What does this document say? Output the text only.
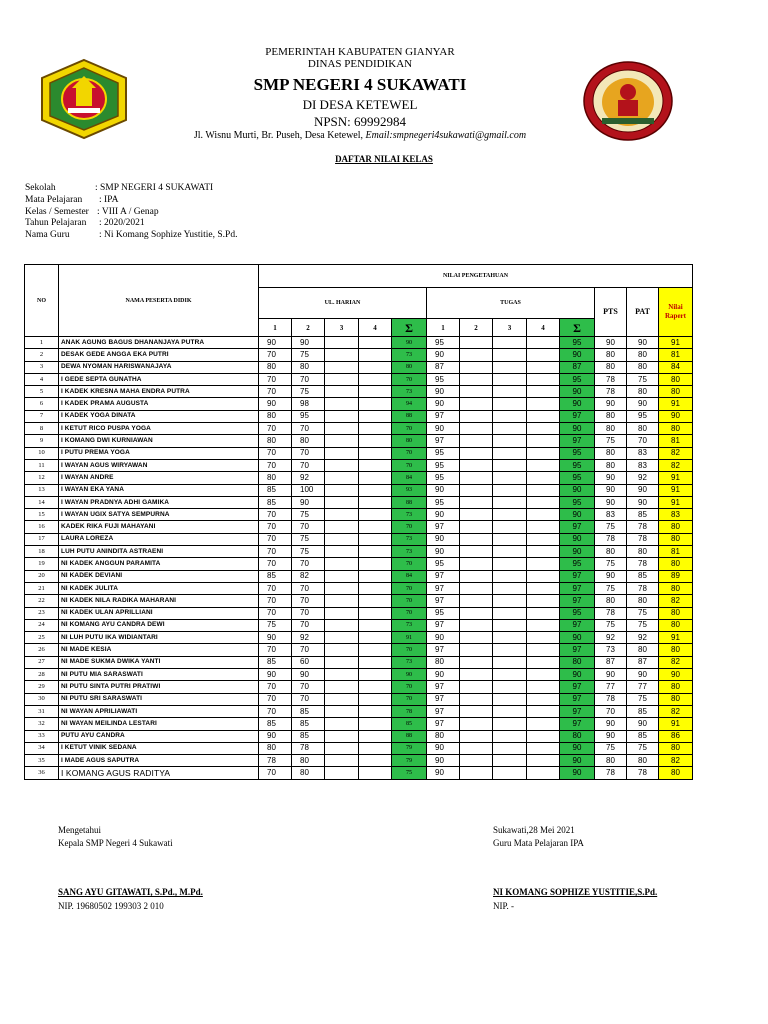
PEMERINTAH KABUPATEN GIANYAR
DINAS PENDIDIKAN
SMP NEGERI 4 SUKAWATI
DI DESA KETEWEL
NPSN: 69992984
Jl. Wisnu Murti, Br. Puseh, Desa Ketewel, Email:smpnegeri4sukawati@gmail.com
DAFTAR NILAI KELAS
Sekolah	: SMP NEGERI 4 SUKAWATI
Mata Pelajaran : IPA
Kelas / Semester : VIII A / Genap
Tahun Pelajaran : 2020/2021
Nama Guru	: Ni Komang Sophize Yustitie, S.Pd.
NO	NAMA PESERTA DIDIK	NILAI PENGETAHUAN												
		UL. HARIAN					TUGAS					PTS	PAT	Nilai Rapert
		1	2	3	4	Σ	1	2	3	4	Σ			
1	ANAK AGUNG BAGUS DHANANJAYA PUTRA	90	90			90	95				95	90	90	91
2	DESAK GEDE ANGGA EKA PUTRI	70	75			73	90				90	80	80	81
3	DEWA NYOMAN HARISWANAJAYA	80	80			80	87				87	80	80	84
4	I GEDE SEPTA GUNATHA	70	70			70	95				95	78	75	80
5	I KADEK KRESNA MAHA ENDRA PUTRA	70	75			73	90				90	78	80	80
6	I KADEK PRAMA AUGUSTA	90	98			94	90				90	90	90	91
7	I KADEK YOGA DINATA	80	95			88	97				97	80	95	90
8	I KETUT RICO PUSPA YOGA	70	70			70	90				90	80	80	80
9	I KOMANG DWI KURNIAWAN	80	80			80	97				97	75	70	81
10	I PUTU PREMA YOGA	70	70			70	95				95	80	83	82
11	I WAYAN AGUS WIRYAWAN	70	70			70	95				95	80	83	82
12	I WAYAN ANDRE	80	92			84	95				95	90	92	91
13	I WAYAN EKA YANA	85	100			93	90				90	90	90	91
14	I WAYAN PRADNYA ADHI GAMIKA	85	90			88	95				95	90	90	91
15	I WAYAN UGIX SATYA SEMPURNA	70	75			73	90				90	83	85	83
16	KADEK RIKA FUJI MAHAYANI	70	70			70	97				97	75	78	80
17	LAURA LOREZA	70	75			73	90				90	78	78	80
18	LUH PUTU ANINDITA ASTRAENI	70	75			73	90				90	80	80	81
19	NI KADEK ANGGUN PARAMITA	70	70			70	95				95	75	78	80
20	NI KADEK DEVIANI	85	82			84	97				97	90	85	89
21	NI KADEK JULITA	70	70			70	97				97	75	78	80
22	NI KADEK NILA RADIKA MAHARANI	70	70			70	97				97	80	80	82
23	NI KADEK ULAN APRILLIANI	70	70			70	95				95	78	75	80
24	NI KOMANG AYU CANDRA DEWI	75	70			73	97				97	75	75	80
25	NI LUH PUTU IKA WIDIANTARI	90	92			91	90				90	92	92	91
26	NI MADE KESIA	70	70			70	97				97	73	80	80
27	NI MADE SUKMA DWIKA YANTI	85	60			73	80				80	87	87	82
28	NI PUTU MIA SARASWATI	90	90			90	90				90	90	90	90
29	NI PUTU SINTA PUTRI PRATIWI	70	70			70	97				97	77	77	80
30	NI PUTU SRI SARASWATI	70	70			70	97				97	78	75	80
31	NI WAYAN APRILIAWATI	70	85			78	97				97	70	85	82
32	NI WAYAN MEILINDA LESTARI	85	85			85	97				97	90	90	91
33	PUTU AYU CANDRA	90	85			88	80				80	90	85	86
34	I KETUT VINIK SEDANA	80	78			79	90				90	75	75	80
35	I MADE AGUS SAPUTRA	78	80			79	90				90	80	80	82
36	I KOMANG AGUS RADITYA	70	80			75	90				90	78	78	80
Mengetahui
Kepala SMP Negeri 4 Sukawati
SANG AYU GITAWATI, S.Pd., M.Pd.
NIP. 19680502 199303 2 010
Sukawati,28 Mei 2021
Guru Mata Pelajaran IPA
NI KOMANG SOPHIZE YUSTITIE,S.Pd.
NIP. -
